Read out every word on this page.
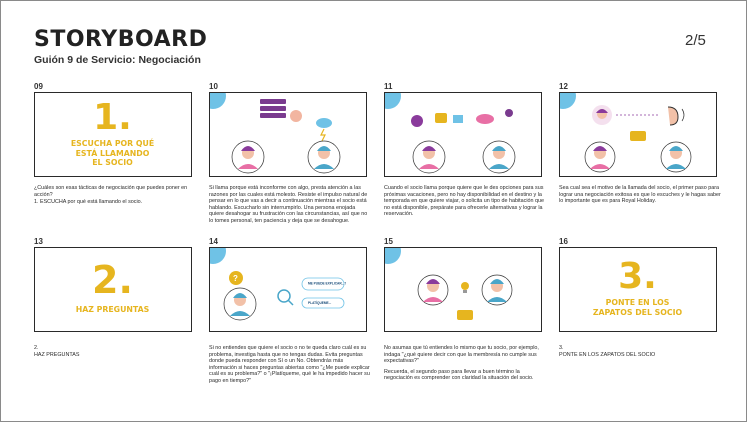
STORYBOARD
Guión 9 de Servicio: Negociación
2/5
09
1.
ESCUCHA POR QUÉ
ESTÁ LLAMANDO
EL SOCIO

¿Cuáles son esas tácticas de negociación que puedes poner en acción?

1. ESCUCHA por qué está llamando el socio.

10

Si llama porque está inconforme con algo, presta atención a las razones por las cuales está molesto. Resiste el impulso natural de pensar en lo que vas a decir a continuación mientras el socio está hablando. Escucharlo sin interrumpirlo. Una persona enojada quiere desahogar su frustración con las circunstancias, así que no lo tomes personal, ten paciencia y deja que se desahogue.

11

Cuando el socio llama porque quiere que le des opciones para sus próximas vacaciones, pero no hay disponibilidad en el destino y la temporada en que quiere viajar, o solicita un tipo de habitación que no está disponible, prepárate para ofrecerle alternativas y lograr la reservación.

12

Sea cual sea el motivo de la llamada del socio, el primer paso para lograr una negociación exitosa es que lo escuches y le hagas saber lo importante que es para Royal Holiday.

13
2.
HAZ PREGUNTAS

2.

HAZ PREGUNTAS

14
?
ME PUEDE EXPLICAR...?
PLATÍQUEME...

Si no entiendes que quiere el socio o no te queda claro cuál es su problema, investiga hasta que no tengas dudas. Evita preguntas donde pueda responder con Sí o un No. Obtendrás más información si haces preguntas abiertas como "¿Me puede explicar cuál es su problema?" o "¡Platíqueme, qué le ha impedido hacer su pago en tiempo?"

15

No asumas que tú entiendes lo mismo que tu socio, por ejemplo, indaga "¿qué quiere decir con que la membresía no cumple sus expectativas?"

Recuerda, el segundo paso para llevar a buen término la negociación es comprender con claridad la situación del socio.

16
3.
PONTE EN LOS
ZAPATOS DEL SOCIO

3.

PONTE EN LOS ZAPATOS DEL SOCIO
